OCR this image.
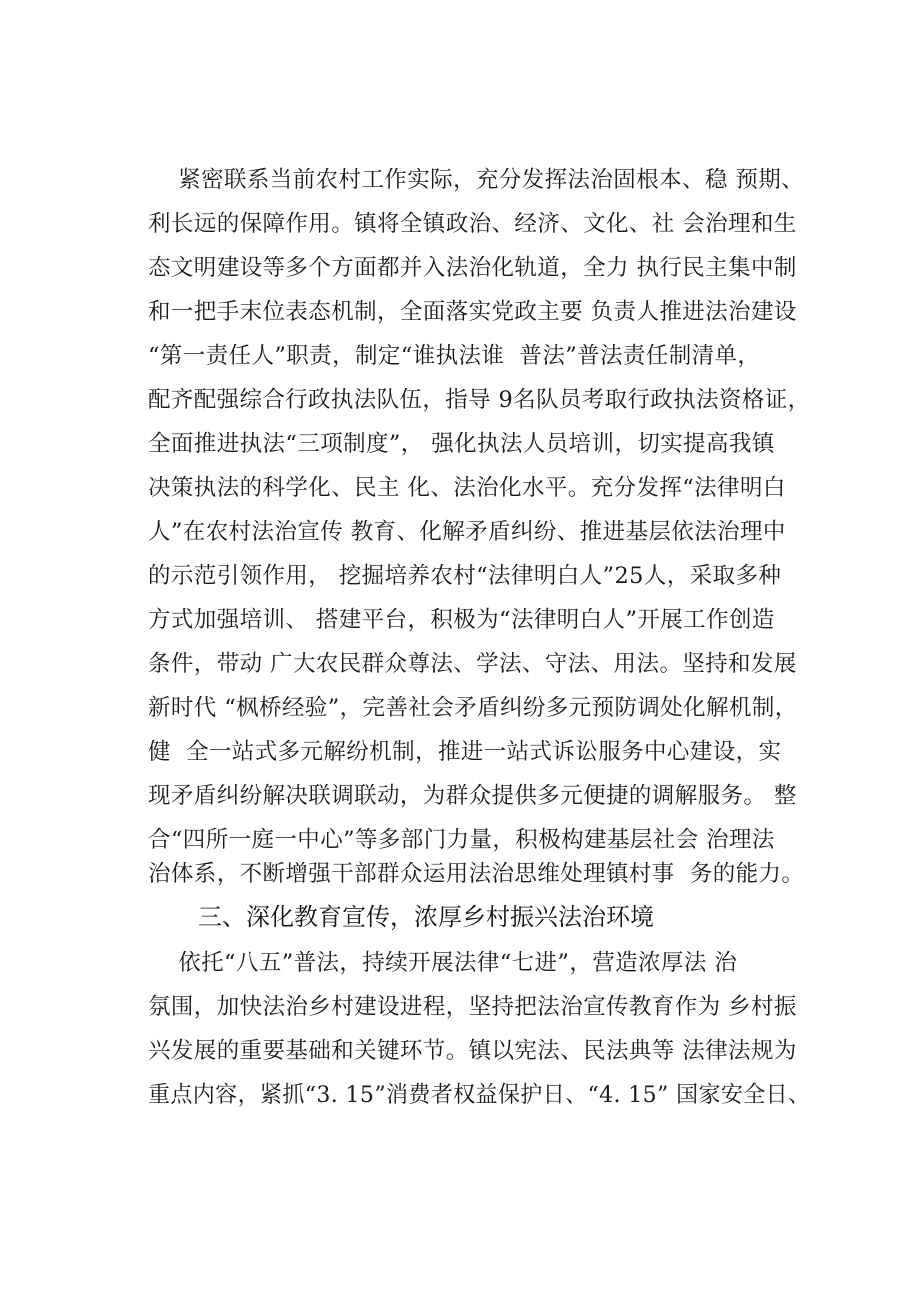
紧密联系当前农村工作实际，充分发挥法治固根本、稳 预期、
利长远的保障作用。镇将全镇政治、经济、文化、社 会治理和生
态文明建设等多个方面都并入法治化轨道，全力 执行民主集中制
和一把手末位表态机制，全面落实党政主要 负责人推进法治建设
“第一责任人”职责，制定“谁执法谁  普法”普法责任制清单，
配齐配强综合行政执法队伍，指导 9名队员考取行政执法资格证，
全面推进执法“三项制度”， 强化执法人员培训，切实提高我镇
决策执法的科学化、民主 化、法治化水平。充分发挥“法律明白
人”在农村法治宣传 教育、化解矛盾纠纷、推进基层依法治理中
的示范引领作用， 挖掘培养农村“法律明白人”25人，采取多种
方式加强培训、 搭建平台，积极为“法律明白人”开展工作创造
条件，带动 广大农民群众尊法、学法、守法、用法。坚持和发展
新时代 “枫桥经验”，完善社会矛盾纠纷多元预防调处化解机制，
健  全一站式多元解纷机制，推进一站式诉讼服务中心建设，实
现矛盾纠纷解决联调联动，为群众提供多元便捷的调解服务。 整
合“四所一庭一中心”等多部门力量，积极构建基层社会 治理法
治体系，不断增强干部群众运用法治思维处理镇村事  务的能力。
三、深化教育宣传，浓厚乡村振兴法治环境
依托“八五”普法，持续开展法律“七进”，营造浓厚法 治
氛围，加快法治乡村建设进程，坚持把法治宣传教育作为 乡村振
兴发展的重要基础和关键环节。镇以宪法、民法典等 法律法规为
重点内容，紧抓“3. 15”消费者权益保护日、“4. 15” 国家安全日、
